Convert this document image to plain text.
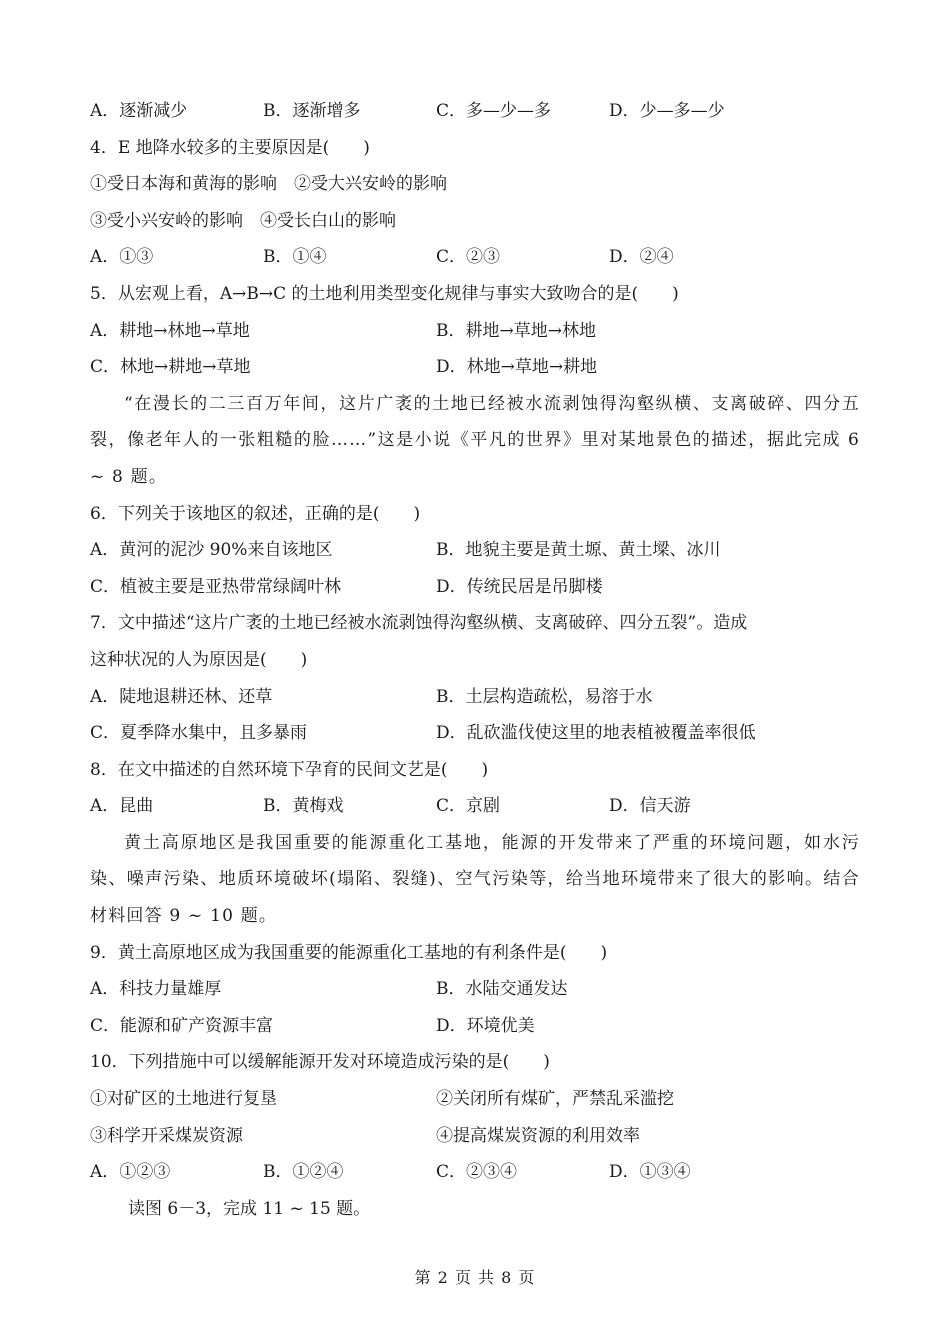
A．逐渐减少	B．逐渐增多	C．多—少—多	D．少—多—少
4．E 地降水较多的主要原因是(　　)
①受日本海和黄海的影响　②受大兴安岭的影响
③受小兴安岭的影响　④受长白山的影响
A．①③	B．①④	C．②③	D．②④
5．从宏观上看，A→B→C 的土地利用类型变化规律与事实大致吻合的是(　　)
A．耕地→林地→草地	B．耕地→草地→林地
C．林地→耕地→草地	D．林地→草地→耕地
“在漫长的二三百万年间，这片广袤的土地已经被水流剥蚀得沟壑纵横、支离破碎、四分五裂，像老年人的一张粗糙的脸……”这是小说《平凡的世界》里对某地景色的描述，据此完成 6 ~ 8 题。
6．下列关于该地区的叙述，正确的是(　　)
A．黄河的泥沙 90%来自该地区	B．地貌主要是黄土塬、黄土墚、冰川
C．植被主要是亚热带常绿阔叶林	D．传统民居是吊脚楼
7．文中描述“这片广袤的土地已经被水流剥蚀得沟壑纵横、支离破碎、四分五裂”。造成
这种状况的人为原因是(　　)
A．陡地退耕还林、还草	B．土层构造疏松，易溶于水
C．夏季降水集中，且多暴雨	D．乱砍滥伐使这里的地表植被覆盖率很低
8．在文中描述的自然环境下孕育的民间文艺是(　　)
A．昆曲	B．黄梅戏	C．京剧	D．信天游
黄土高原地区是我国重要的能源重化工基地，能源的开发带来了严重的环境问题，如水污染、噪声污染、地质环境破坏(塌陷、裂缝)、空气污染等，给当地环境带来了很大的影响。结合材料回答 9 ~ 10 题。
9．黄土高原地区成为我国重要的能源重化工基地的有利条件是(　　)
A．科技力量雄厚	B．水陆交通发达
C．能源和矿产资源丰富	D．环境优美
10．下列措施中可以缓解能源开发对环境造成污染的是(　　)
①对矿区的土地进行复垦	②关闭所有煤矿，严禁乱采滥挖
③科学开采煤炭资源	④提高煤炭资源的利用效率
A．①②③	B．①②④	C．②③④	D．①③④
读图 6－3，完成 11 ~ 15 题。
第 2 页 共 8 页
